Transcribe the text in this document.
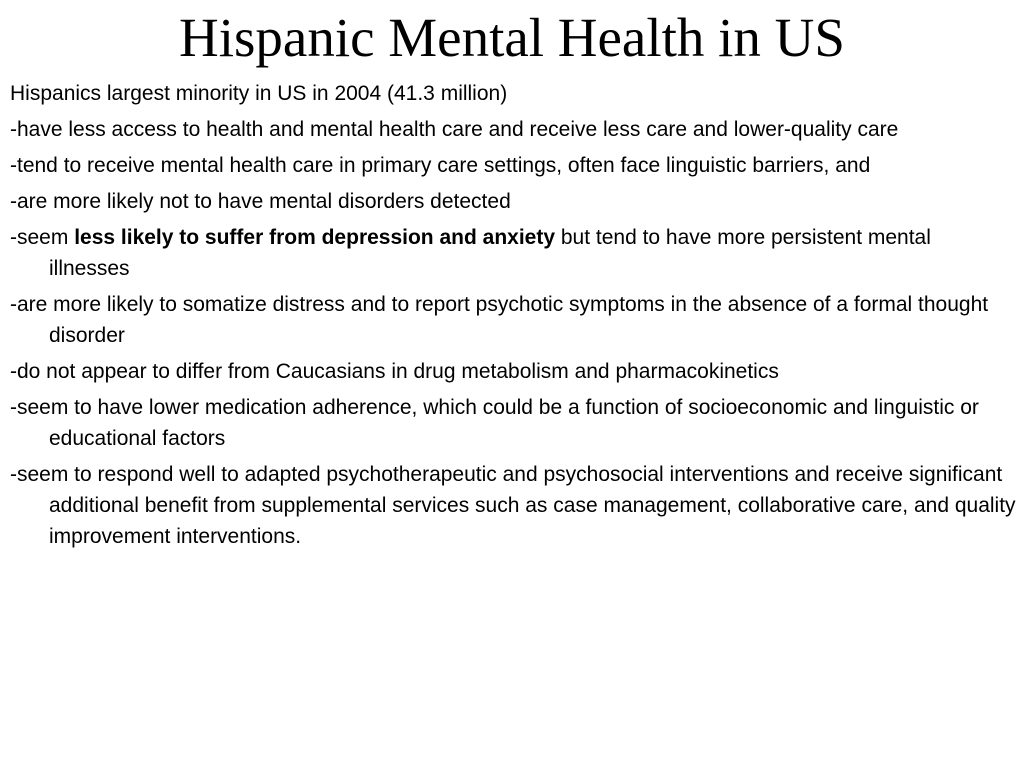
Hispanic Mental Health in US

Hispanics largest minority in US in 2004 (41.3 million)

-have less access to health and mental health care and receive less care and lower-quality care

-tend to receive mental health care in primary care settings, often face linguistic barriers, and

-are more likely not to have mental disorders detected

-seem less likely to suffer from depression and anxiety but tend to have more persistent mental illnesses

-are more likely to somatize distress and to report psychotic symptoms in the absence of a formal thought disorder

-do not appear to differ from Caucasians in drug metabolism and pharmacokinetics

-seem to have lower medication adherence, which could be a function of socioeconomic and linguistic or educational factors

-seem to respond well to adapted psychotherapeutic and psychosocial interventions and receive significant additional benefit from supplemental services such as case management, collaborative care, and quality improvement interventions.
